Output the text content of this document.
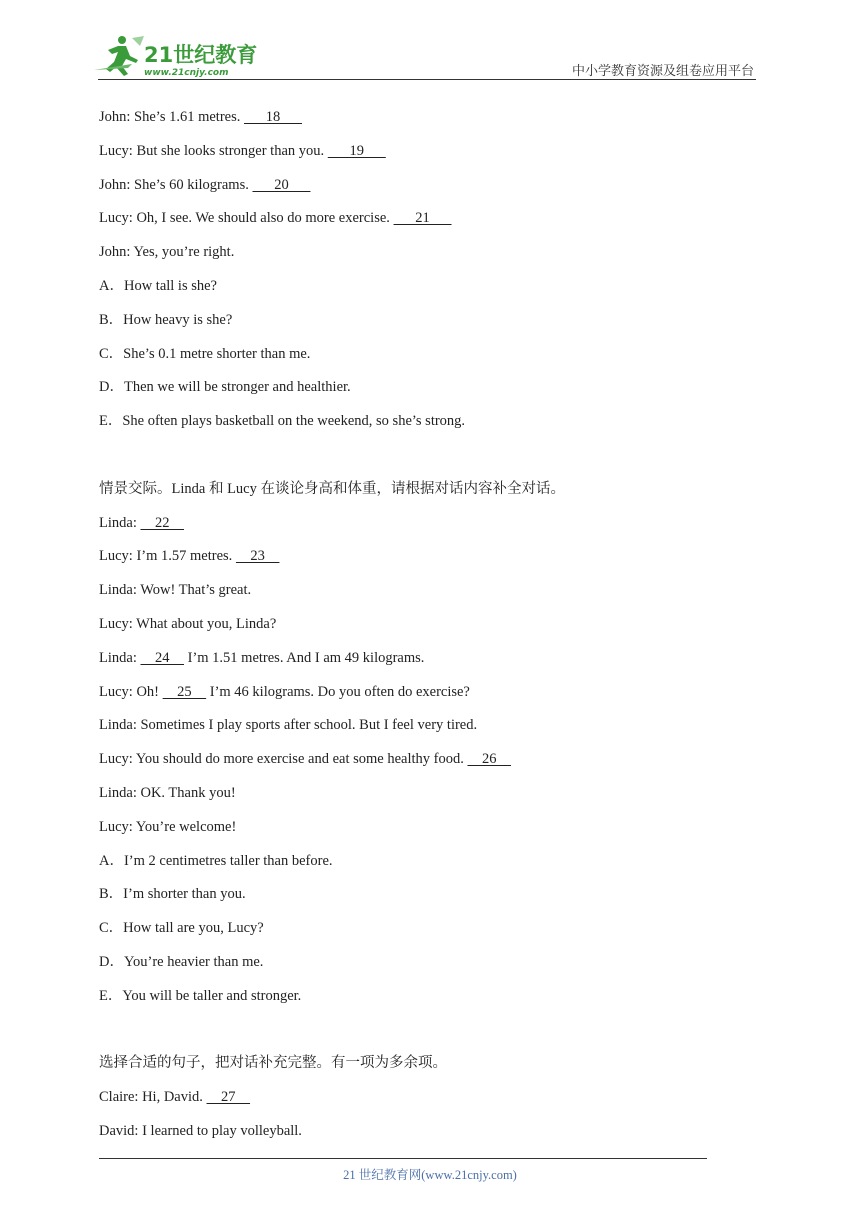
21世纪教育
www.21cnjy.com	中小学教育资源及组卷应用平台
John: She’s 1.61 metres.       18
Lucy: But she looks stronger than you.       19
John: She’s 60 kilograms.       20
Lucy: Oh, I see. We should also do more exercise.       21
John: Yes, you’re right.
A．How tall is she?
B．How heavy is she?
C．She’s 0.1 metre shorter than me.
D．Then we will be stronger and healthier.
E．She often plays basketball on the weekend, so she’s strong.
情景交际。Linda 和 Lucy 在谈论身高和体重，请根据对话内容补全对话。
Linda:     22
Lucy: I’m 1.57 metres.     23
Linda: Wow! That’s great.
Lucy: What about you, Linda?
Linda:     24     I’m 1.51 metres. And I am 49 kilograms.
Lucy: Oh!     25     I’m 46 kilograms. Do you often do exercise?
Linda: Sometimes I play sports after school. But I feel very tired.
Lucy: You should do more exercise and eat some healthy food.     26
Linda: OK. Thank you!
Lucy: You’re welcome!
A．I’m 2 centimetres taller than before.
B．I’m shorter than you.
C．How tall are you, Lucy?
D．You’re heavier than me.
E．You will be taller and stronger.
选择合适的句子，把对话补充完整。有一项为多余项。
Claire: Hi, David.     27
David: I learned to play volleyball.
21 世纪教育网(www.21cnjy.com)
